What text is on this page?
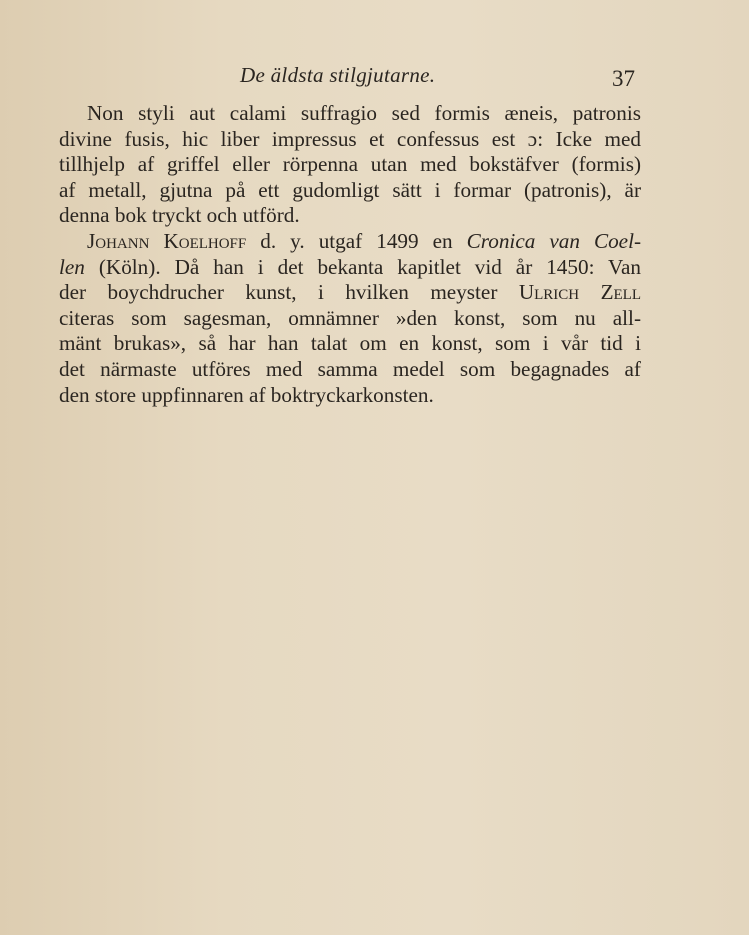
De äldsta stilgjutarne.	37
Non styli aut calami suffragio sed formis æneis, patronis
divine fusis, hic liber impressus et confessus est ɔ: Icke med
tillhjelp af griffel eller rörpenna utan med bokstäfver (formis)
af metall, gjutna på ett gudomligt sätt i formar (patronis), är
denna bok tryckt och utförd.
Johann Koelhoff d. y. utgaf 1499 en Cronica van Coel-
len (Köln). Då han i det bekanta kapitlet vid år 1450: Van
der boychdrucher kunst, i hvilken meyster Ulrich Zell
citeras som sagesman, omnämner »den konst, som nu all-
mänt brukas», så har han talat om en konst, som i vår tid i
det närmaste utföres med samma medel som begagnades af
den store uppfinnaren af boktryckarkonsten.
